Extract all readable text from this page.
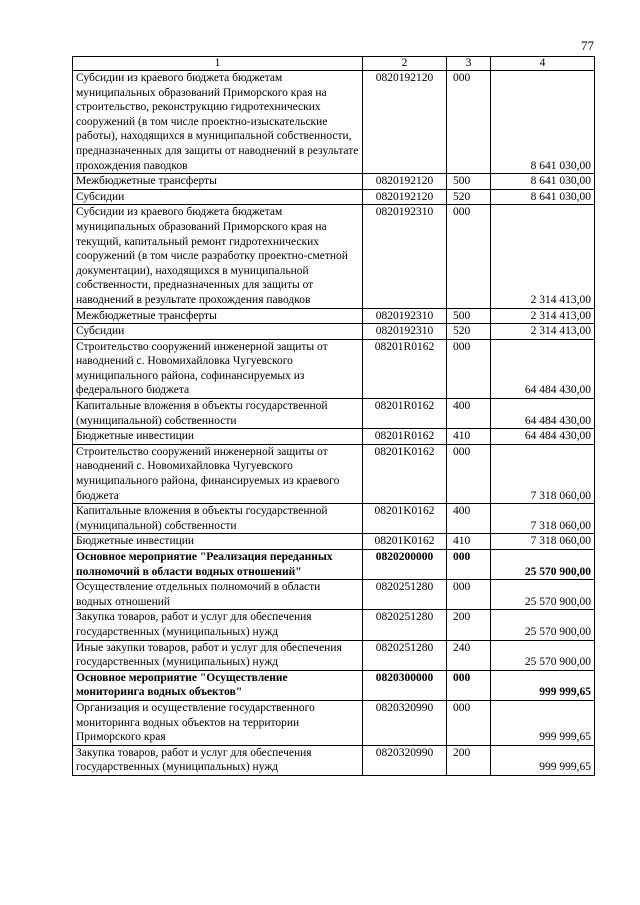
77
1	2	3	4
Субсидии из краевого бюджета бюджетам муниципальных образований Приморского края на строительство, реконструкцию гидротехнических сооружений (в том числе проектно-изыскательские работы), находящихся в муниципальной собственности, предназначенных для защиты от наводнений в результате прохождения паводков	0820192120	000	8 641 030,00
Межбюджетные трансферты	0820192120	500	8 641 030,00
Субсидии	0820192120	520	8 641 030,00
Субсидии из краевого бюджета бюджетам муниципальных образований Приморского края на текущий, капитальный ремонт гидротехнических сооружений (в том числе разработку проектно-сметной документации), находящихся в муниципальной собственности, предназначенных для защиты от наводнений в результате прохождения паводков	0820192310	000	2 314 413,00
Межбюджетные трансферты	0820192310	500	2 314 413,00
Субсидии	0820192310	520	2 314 413,00
Строительство сооружений инженерной защиты от наводнений с. Новомихайловка Чугуевского муниципального района, софинансируемых из федерального бюджета	08201R0162	000	64 484 430,00
Капитальные вложения в объекты государственной (муниципальной) собственности	08201R0162	400	64 484 430,00
Бюджетные инвестиции	08201R0162	410	64 484 430,00
Строительство сооружений инженерной защиты от наводнений с. Новомихайловка Чугуевского муниципального района, финансируемых из краевого бюджета	08201K0162	000	7 318 060,00
Капитальные вложения в объекты государственной (муниципальной) собственности	08201K0162	400	7 318 060,00
Бюджетные инвестиции	08201K0162	410	7 318 060,00
Основное мероприятие "Реализация переданных полномочий в области водных отношений"	0820200000	000	25 570 900,00
Осуществление отдельных полномочий в области водных отношений	0820251280	000	25 570 900,00
Закупка товаров, работ и услуг для обеспечения государственных (муниципальных) нужд	0820251280	200	25 570 900,00
Иные закупки товаров, работ и услуг для обеспечения государственных (муниципальных) нужд	0820251280	240	25 570 900,00
Основное мероприятие "Осуществление мониторинга водных объектов"	0820300000	000	999 999,65
Организация и осуществление государственного мониторинга водных объектов на территории Приморского края	0820320990	000	999 999,65
Закупка товаров, работ и услуг для обеспечения государственных (муниципальных) нужд	0820320990	200	999 999,65
